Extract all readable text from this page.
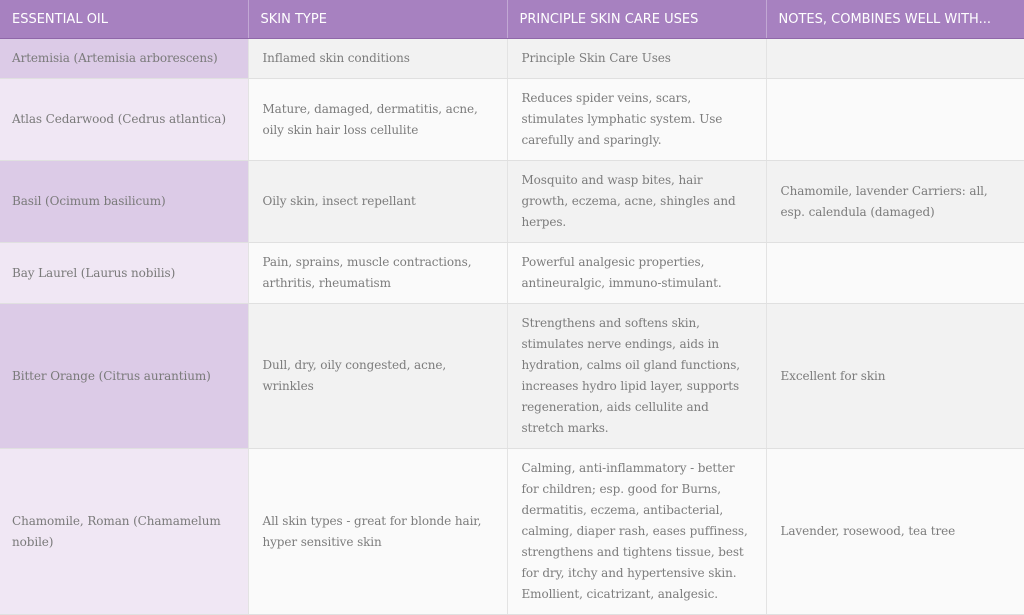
ESSENTIAL OIL	SKIN TYPE	PRINCIPLE SKIN CARE USES	NOTES, COMBINES WELL WITH...
Artemisia (Artemisia arborescens)	Inflamed skin conditions	Principle Skin Care Uses	
Atlas Cedarwood (Cedrus atlantica)	Mature, damaged, dermatitis, acne, oily skin hair loss cellulite	Reduces spider veins, scars, stimulates lymphatic system. Use carefully and sparingly.	
Basil (Ocimum basilicum)	Oily skin, insect repellant	Mosquito and wasp bites, hair growth, eczema, acne, shingles and herpes.	Chamomile, lavender Carriers: all, esp. calendula (damaged)
Bay Laurel (Laurus nobilis)	Pain, sprains, muscle contractions, arthritis, rheumatism	Powerful analgesic properties, antineuralgic, immuno-stimulant.	
Bitter Orange (Citrus aurantium)	Dull, dry, oily congested, acne, wrinkles	Strengthens and softens skin, stimulates nerve endings, aids in hydration, calms oil gland functions, increases hydro lipid layer, supports regeneration, aids cellulite and stretch marks.	Excellent for skin
Chamomile, Roman (Chamamelum nobile)	All skin types - great for blonde hair, hyper sensitive skin	Calming, anti-inflammatory - better for children; esp. good for Burns, dermatitis, eczema, antibacterial, calming, diaper rash, eases puffiness, strengthens and tightens tissue, best for dry, itchy and hypertensive skin. Emollient, cicatrizant, analgesic.	Lavender, rosewood, tea tree
